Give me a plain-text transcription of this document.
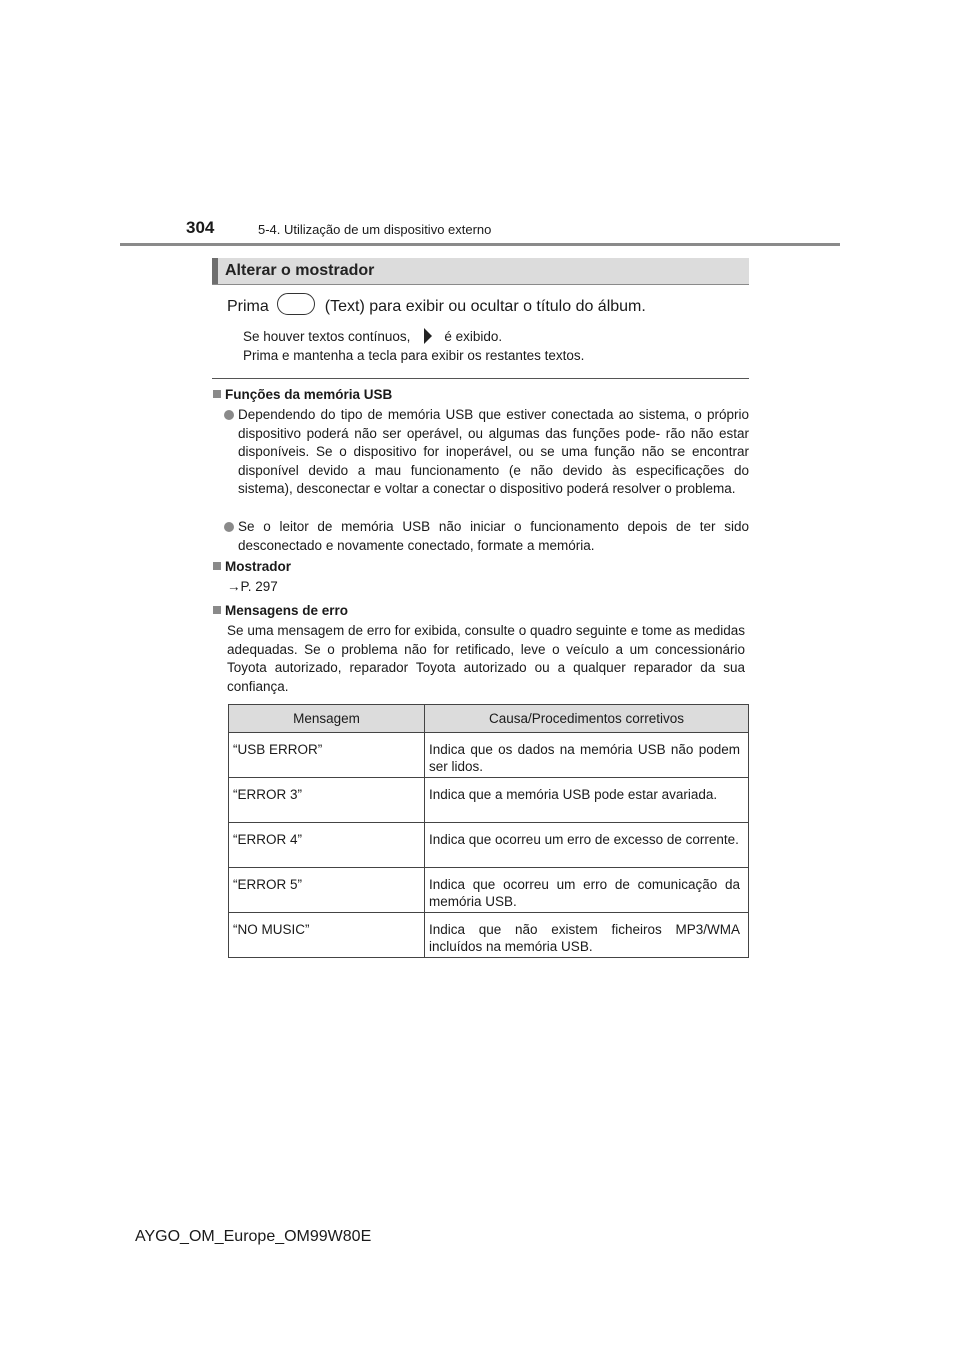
304	5-4. Utilização de um dispositivo externo
Alterar o mostrador
Prima	(Text) para exibir ou ocultar o título do álbum.
Se houver textos contínuos,	é exibido.
Prima e mantenha a tecla para exibir os restantes textos.
Funções da memória USB
Dependendo do tipo de memória USB que estiver conectada ao sistema, o próprio dispositivo poderá não ser operável, ou algumas das funções pode- rão não estar disponíveis. Se o dispositivo for inoperável, ou se uma função não se encontrar disponível devido a mau funcionamento (e não devido às especificações do sistema), desconectar e voltar a conectar o dispositivo poderá resolver o problema.
Se o leitor de memória USB não iniciar o funcionamento depois de ter sido desconectado e novamente conectado, formate a memória.
Mostrador
→P. 297
Mensagens de erro
Se uma mensagem de erro for exibida, consulte o quadro seguinte e tome as medidas adequadas. Se o problema não for retificado, leve o veículo a um concessionário Toyota autorizado, reparador Toyota autorizado ou a qualquer reparador da sua confiança.
Mensagem	Causa/Procedimentos corretivos
“USB ERROR”	Indica que os dados na memória USB não podem ser lidos.
“ERROR 3”	Indica que a memória USB pode estar avariada.
“ERROR 4”	Indica que ocorreu um erro de excesso de corrente.
“ERROR 5”	Indica que ocorreu um erro de comunicação da memória USB.
“NO MUSIC”	Indica que não existem ficheiros MP3/WMA incluídos na memória USB.
AYGO_OM_Europe_OM99W80E
